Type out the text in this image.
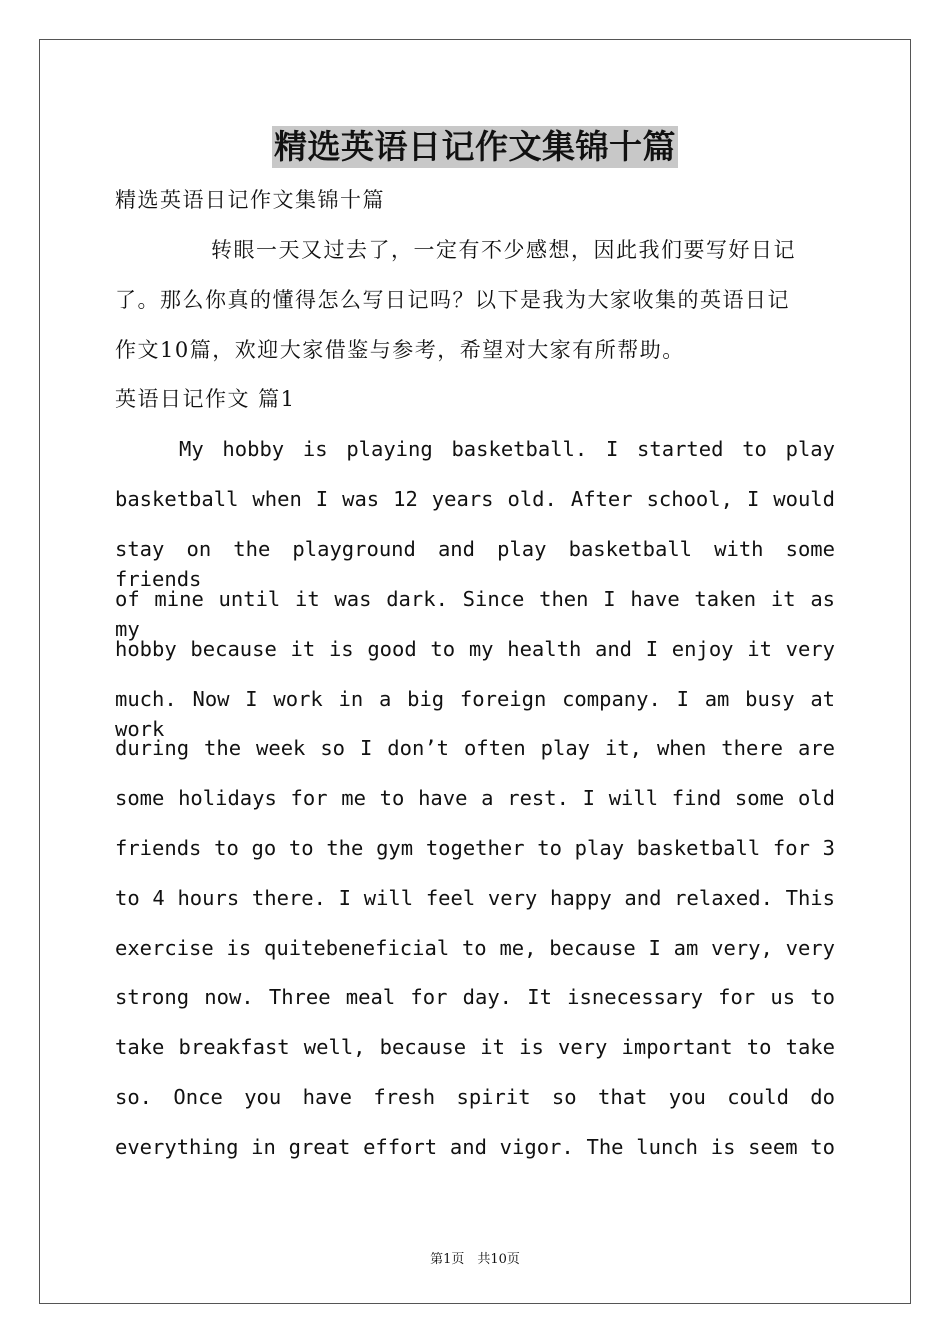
精选英语日记作文集锦十篇
精选英语日记作文集锦十篇
转眼一天又过去了，一定有不少感想，因此我们要写好日记
了。那么你真的懂得怎么写日记吗？以下是我为大家收集的英语日记
作文10篇，欢迎大家借鉴与参考，希望对大家有所帮助。
英语日记作文 篇1
My hobby is playing basketball. I started to play
basketball when I was 12 years old. After school, I would
stay on the playground and play basketball with some friends
of mine until it was dark. Since then I have taken it as my
hobby because it is good to my health and I enjoy it very
much. Now I work in a big foreign company. I am busy at work
during the week so I don’t often play it, when there are
some holidays for me to have a rest. I will find some old
friends to go to the gym together to play basketball for 3
to 4 hours there. I will feel very happy and relaxed. This
exercise is quitebeneficial to me, because I am very, very
strong now. Three meal for day. It isnecessary for us to
take breakfast well, because it is very important to take
so. Once you have fresh spirit so that you could do
everything in great effort and vigor. The lunch is seem to
第1页　共10页
